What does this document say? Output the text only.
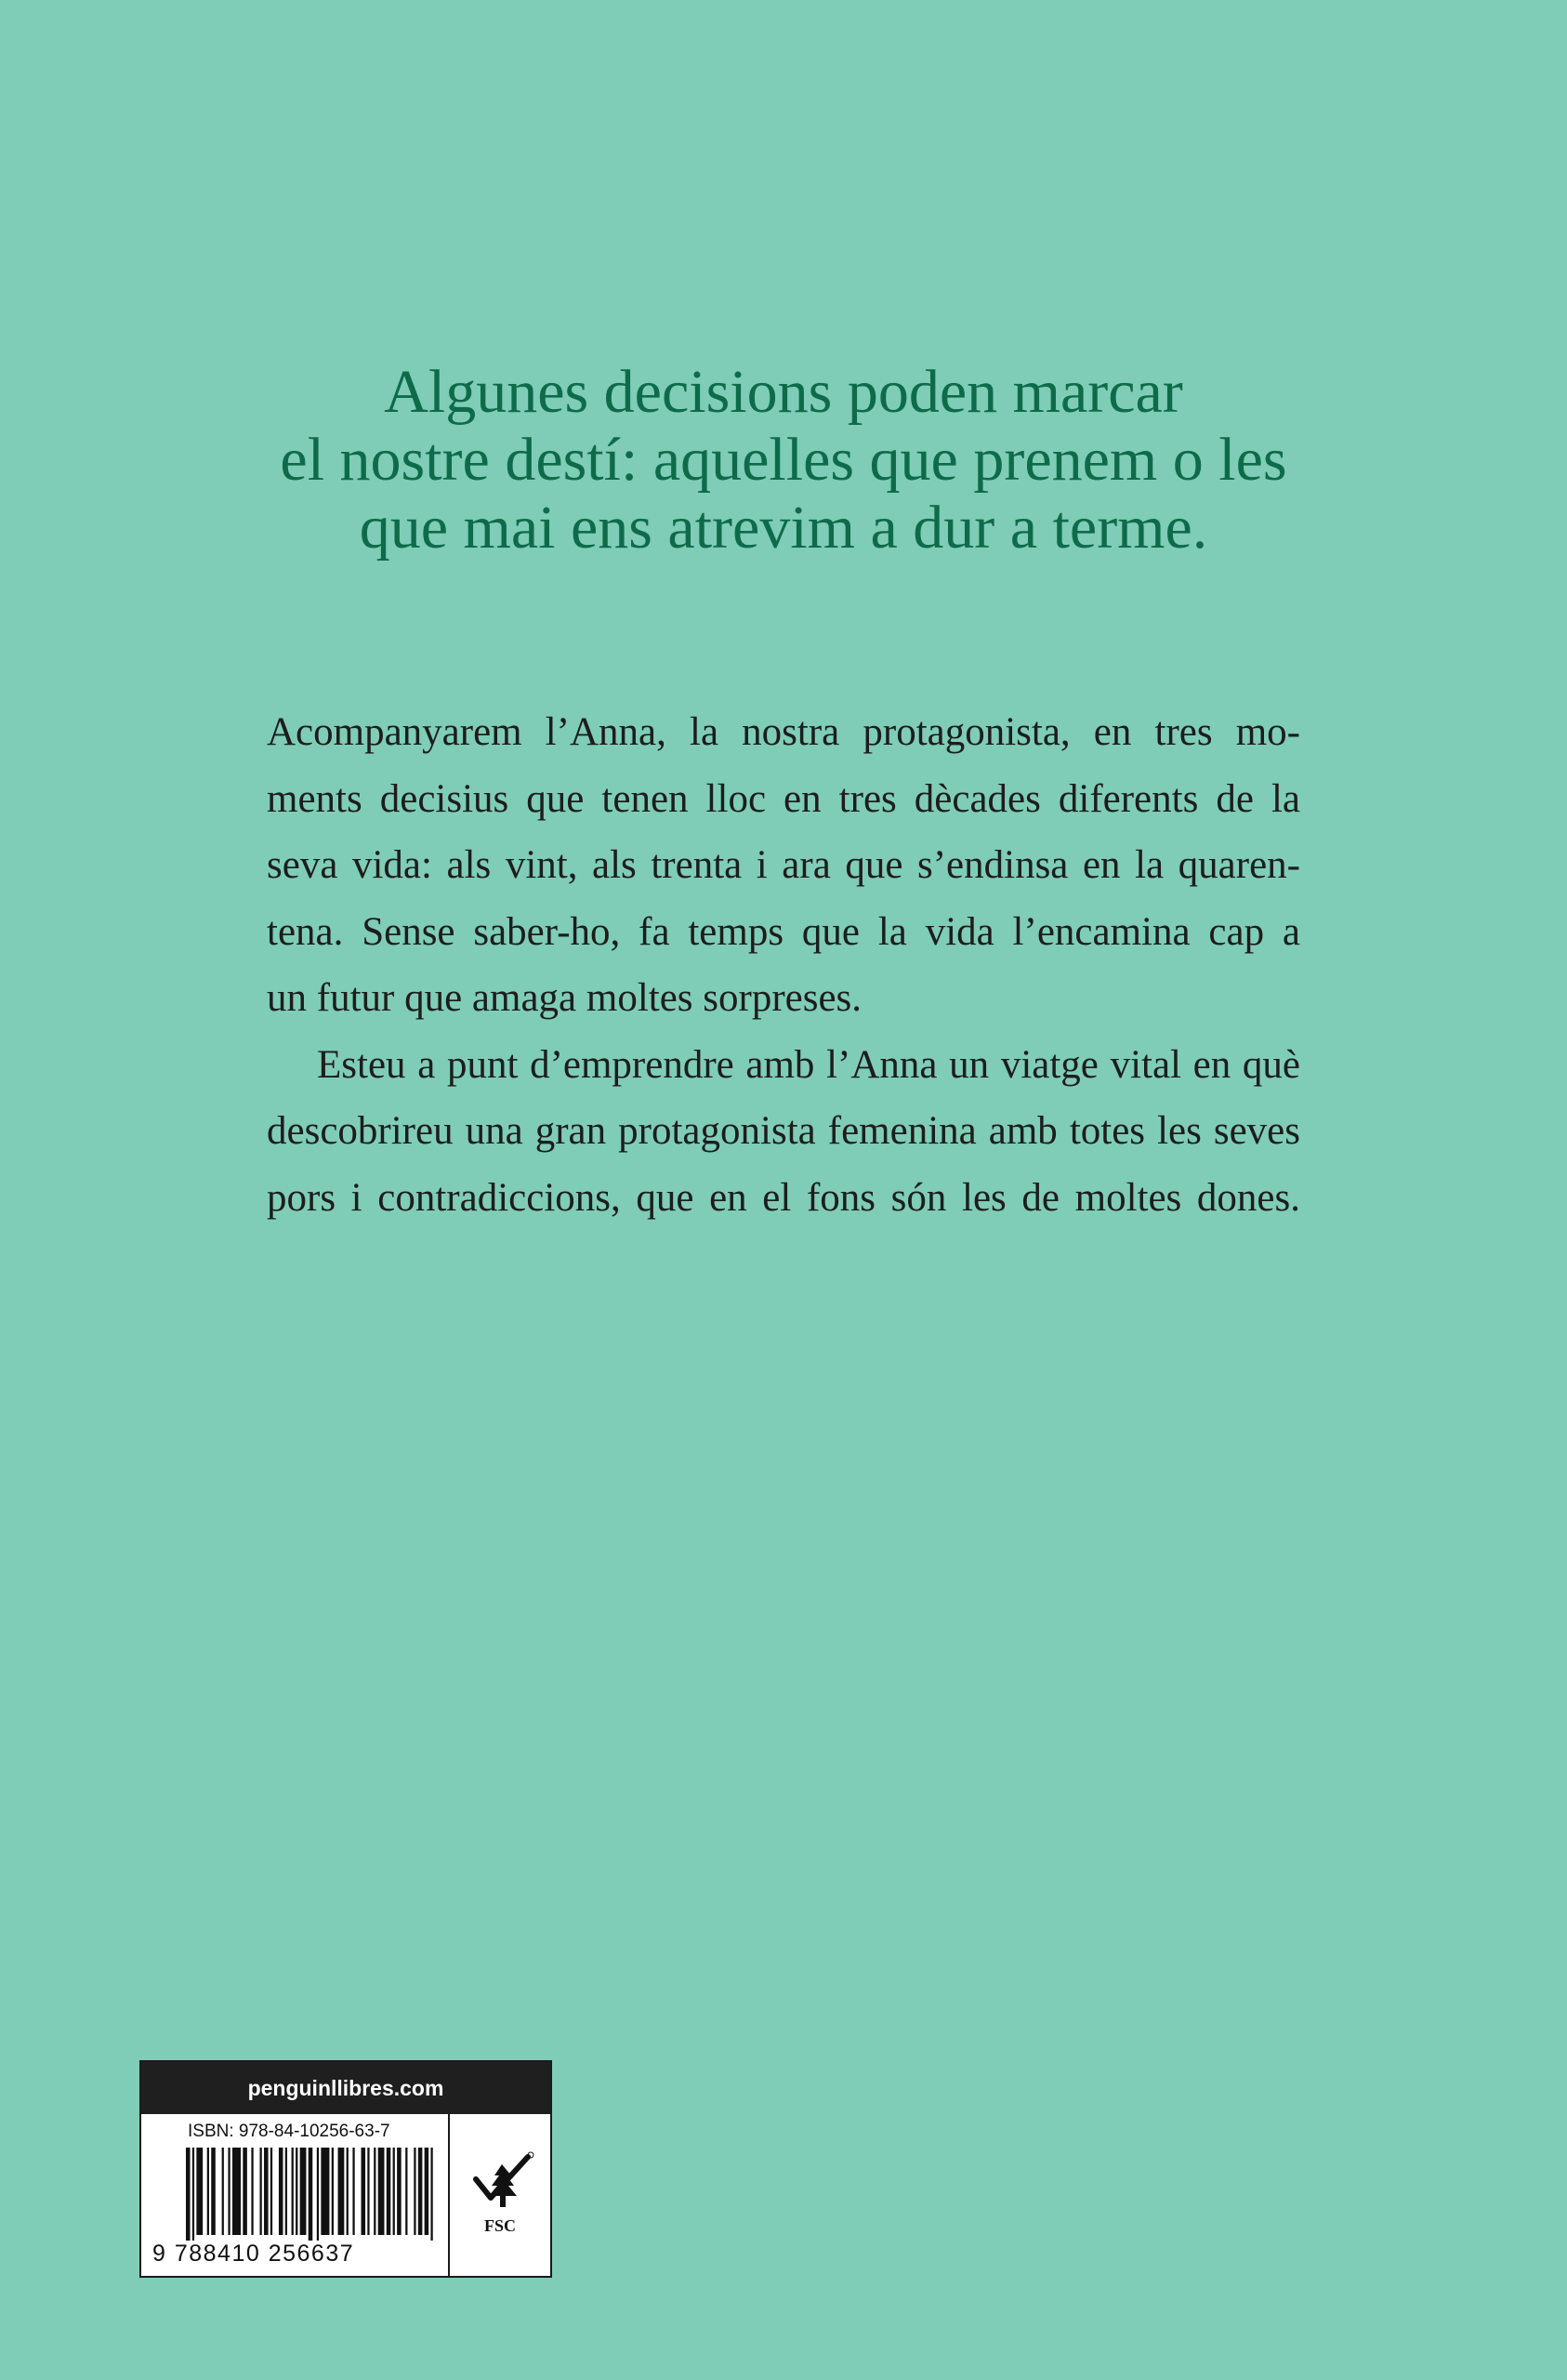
Algunes decisions poden marcar
el nostre destí: aquelles que prenem o les
que mai ens atrevim a dur a terme.
Acompanyarem l’Anna, la nostra protagonista, en tres mo-
ments decisius que tenen lloc en tres dècades diferents de la
seva vida: als vint, als trenta i ara que s’endinsa en la quaren-
tena. Sense saber-ho, fa temps que la vida l’encamina cap a
un futur que amaga moltes sorpreses.
Esteu a punt d’emprendre amb l’Anna un viatge vital en què
descobrireu una gran protagonista femenina amb totes les seves
pors i contradiccions, que en el fons són les de moltes dones.
penguinllibres.com
ISBN: 978-84-10256-63-7
9 788410 256637
FSC
